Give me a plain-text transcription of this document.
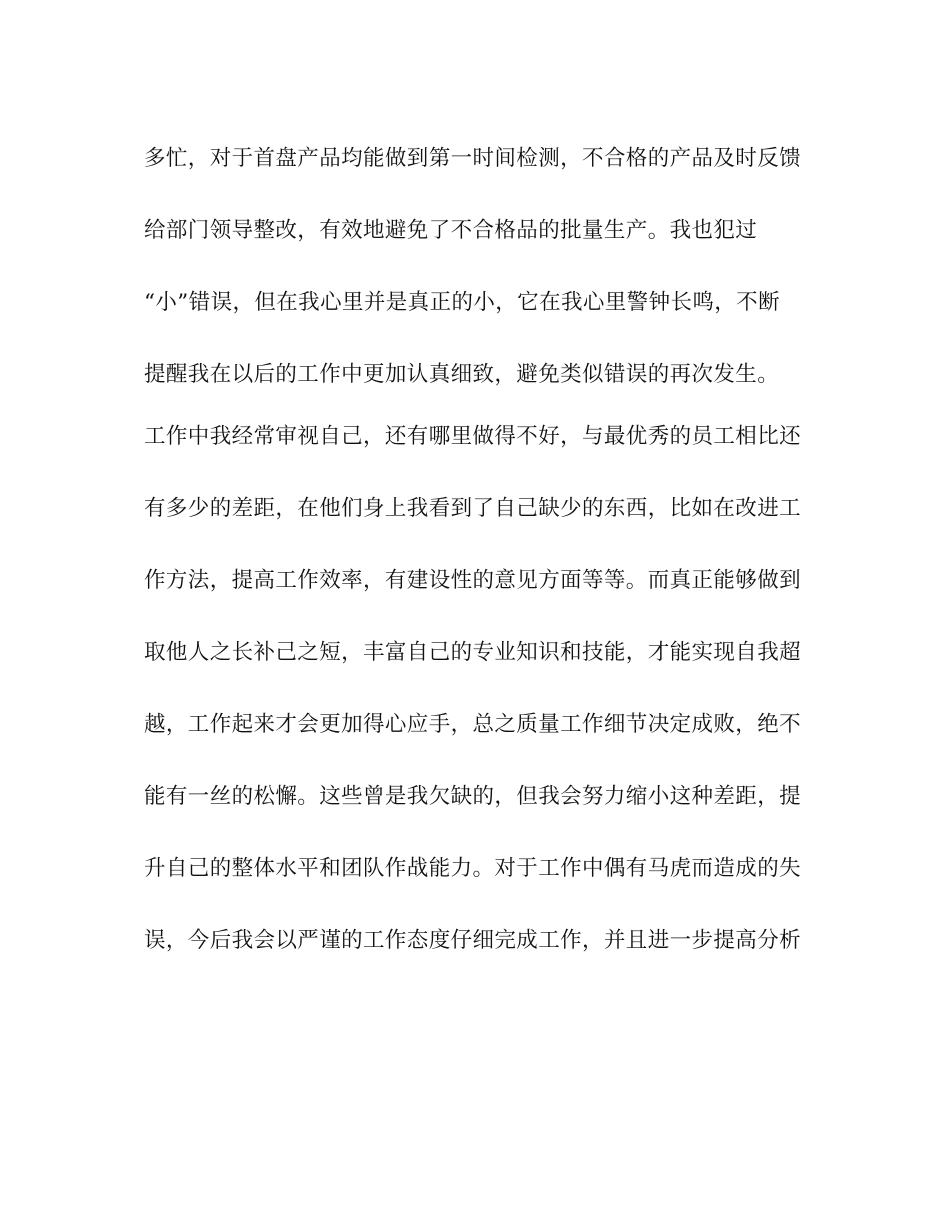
多忙，对于首盘产品均能做到第一时间检测，不合格的产品及时反馈
给部门领导整改，有效地避免了不合格品的批量生产。我也犯过
“小”错误，但在我心里并是真正的小，它在我心里警钟长鸣，不断
提醒我在以后的工作中更加认真细致，避免类似错误的再次发生。
工作中我经常审视自己，还有哪里做得不好，与最优秀的员工相比还
有多少的差距，在他们身上我看到了自己缺少的东西，比如在改进工
作方法，提高工作效率，有建设性的意见方面等等。而真正能够做到
取他人之长补己之短，丰富自己的专业知识和技能，才能实现自我超
越，工作起来才会更加得心应手，总之质量工作细节决定成败，绝不
能有一丝的松懈。这些曾是我欠缺的，但我会努力缩小这种差距，提
升自己的整体水平和团队作战能力。对于工作中偶有马虎而造成的失
误，今后我会以严谨的工作态度仔细完成工作，并且进一步提高分析
